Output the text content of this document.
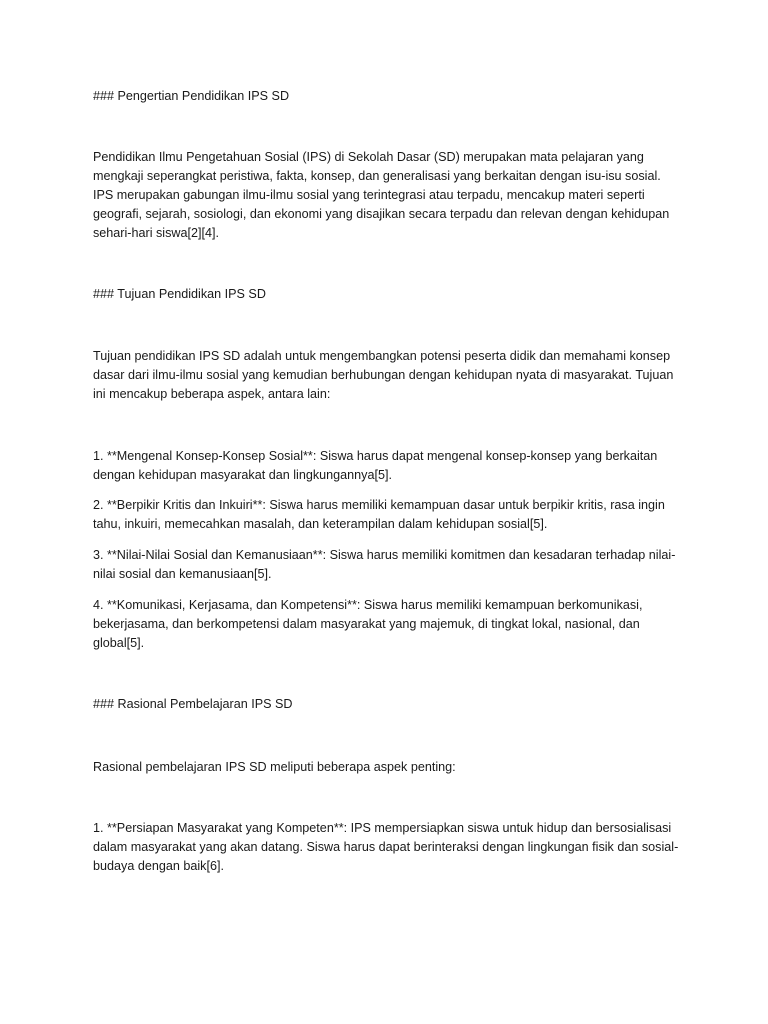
### Pengertian Pendidikan IPS SD

Pendidikan Ilmu Pengetahuan Sosial (IPS) di Sekolah Dasar (SD) merupakan mata pelajaran yang mengkaji seperangkat peristiwa, fakta, konsep, dan generalisasi yang berkaitan dengan isu-isu sosial. IPS merupakan gabungan ilmu-ilmu sosial yang terintegrasi atau terpadu, mencakup materi seperti geografi, sejarah, sosiologi, dan ekonomi yang disajikan secara terpadu dan relevan dengan kehidupan sehari-hari siswa[2][4].

### Tujuan Pendidikan IPS SD

Tujuan pendidikan IPS SD adalah untuk mengembangkan potensi peserta didik dan memahami konsep dasar dari ilmu-ilmu sosial yang kemudian berhubungan dengan kehidupan nyata di masyarakat. Tujuan ini mencakup beberapa aspek, antara lain:

1. **Mengenal Konsep-Konsep Sosial**: Siswa harus dapat mengenal konsep-konsep yang berkaitan dengan kehidupan masyarakat dan lingkungannya[5].

2. **Berpikir Kritis dan Inkuiri**: Siswa harus memiliki kemampuan dasar untuk berpikir kritis, rasa ingin tahu, inkuiri, memecahkan masalah, dan keterampilan dalam kehidupan sosial[5].

3. **Nilai-Nilai Sosial dan Kemanusiaan**: Siswa harus memiliki komitmen dan kesadaran terhadap nilai-nilai sosial dan kemanusiaan[5].

4. **Komunikasi, Kerjasama, dan Kompetensi**: Siswa harus memiliki kemampuan berkomunikasi, bekerjasama, dan berkompetensi dalam masyarakat yang majemuk, di tingkat lokal, nasional, dan global[5].

### Rasional Pembelajaran IPS SD

Rasional pembelajaran IPS SD meliputi beberapa aspek penting:

1. **Persiapan Masyarakat yang Kompeten**: IPS mempersiapkan siswa untuk hidup dan bersosialisasi dalam masyarakat yang akan datang. Siswa harus dapat berinteraksi dengan lingkungan fisik dan sosial-budaya dengan baik[6].
